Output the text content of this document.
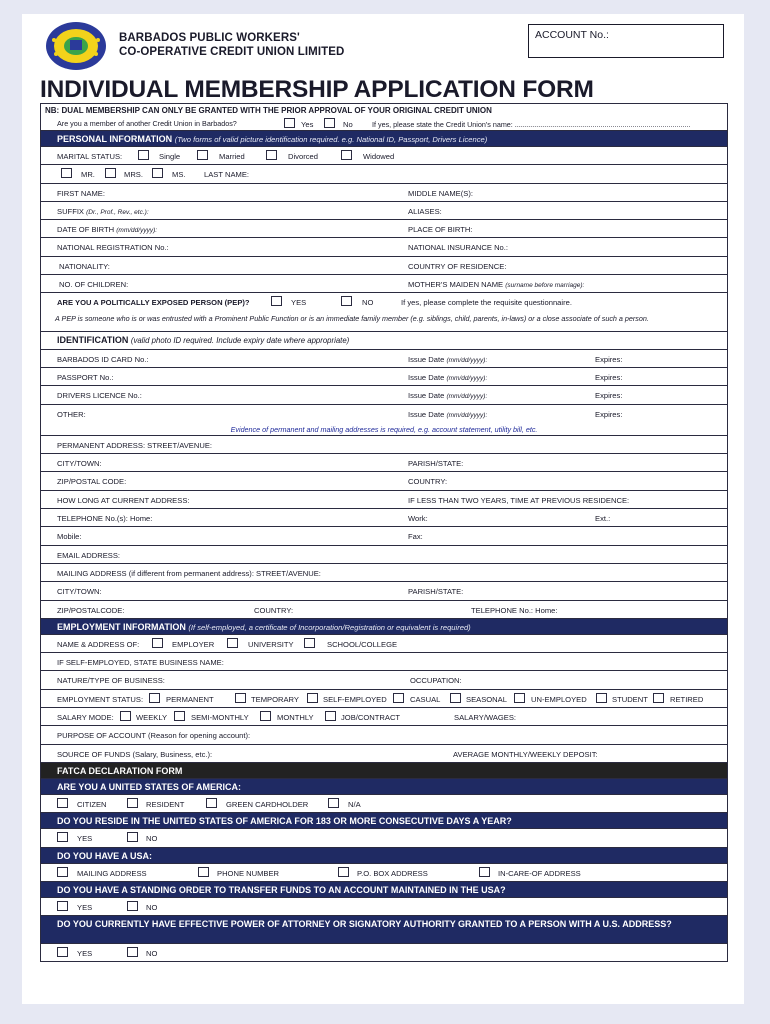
BARBADOS PUBLIC WORKERS'
CO-OPERATIVE CREDIT UNION LIMITED
ACCOUNT No.:
INDIVIDUAL MEMBERSHIP APPLICATION FORM
NB: DUAL MEMBERSHIP CAN ONLY BE GRANTED WITH THE PRIOR APPROVAL OF YOUR ORIGINAL CREDIT UNION
Are you a member of another Credit Union in Barbados?	Yes	No	If yes, please state the Credit Union's name: ........................................................................................
PERSONAL INFORMATION (Two forms of valid picture identification required. e.g. National ID, Passport, Drivers Licence)
MARITAL STATUS:	Single	Married	Divorced	Widowed
MR.	MRS.	MS. LAST NAME:
FIRST NAME:	MIDDLE NAME(S):
SUFFIX (Dr., Prof., Rev., etc.):	ALIASES:
DATE OF BIRTH (mm/dd/yyyy):	PLACE OF BIRTH:
NATIONAL REGISTRATION No.:	NATIONAL INSURANCE No.:
NATIONALITY:	COUNTRY OF RESIDENCE:
NO. OF CHILDREN:	MOTHER'S MAIDEN NAME (surname before marriage):
ARE YOU A POLITICALLY EXPOSED PERSON (PEP)?	YES	NO	If yes, please complete the requisite questionnaire.
A PEP is someone who is or was entrusted with a Prominent Public Function or is an immediate family member (e.g. siblings, child, parents, in-laws) or a close associate of such a person.
IDENTIFICATION (valid photo ID required. Include expiry date where appropriate)
BARBADOS ID CARD No.:	Issue Date (mm/dd/yyyy):	Expires:
PASSPORT No.:	Issue Date (mm/dd/yyyy):	Expires:
DRIVERS LICENCE No.:	Issue Date (mm/dd/yyyy):	Expires:
OTHER:	Issue Date (mm/dd/yyyy):	Expires:
Evidence of permanent and mailing addresses is required, e.g. account statement, utility bill, etc.
PERMANENT ADDRESS: STREET/AVENUE:
CITY/TOWN:	PARISH/STATE:
ZIP/POSTAL CODE:	COUNTRY:
HOW LONG AT CURRENT ADDRESS:	IF LESS THAN TWO YEARS, TIME AT PREVIOUS RESIDENCE:
TELEPHONE No.(s): Home:	Work:	Ext.:
Mobile:	Fax:
EMAIL ADDRESS:
MAILING ADDRESS (if different from permanent address): STREET/AVENUE:
CITY/TOWN:	PARISH/STATE:
ZIP/POSTALCODE:	COUNTRY:	TELEPHONE No.: Home:
EMPLOYMENT INFORMATION (If self-employed, a certificate of Incorporation/Registration or equivalent is required)
NAME & ADDRESS OF:	EMPLOYER	UNIVERSITY	SCHOOL/COLLEGE
IF SELF-EMPLOYED, STATE BUSINESS NAME:
NATURE/TYPE OF BUSINESS:	OCCUPATION:
EMPLOYMENT STATUS:	PERMANENT	TEMPORARY	SELF-EMPLOYED	CASUAL	SEASONAL	UN-EMPLOYED	STUDENT	RETIRED
SALARY MODE:	WEEKLY	SEMI-MONTHLY	MONTHLY	JOB/CONTRACT	SALARY/WAGES:
PURPOSE OF ACCOUNT (Reason for opening account):
SOURCE OF FUNDS (Salary, Business, etc.):	AVERAGE MONTHLY/WEEKLY DEPOSIT:
FATCA DECLARATION FORM
ARE YOU A UNITED STATES OF AMERICA:
CITIZEN	RESIDENT	GREEN CARDHOLDER	N/A
DO YOU RESIDE IN THE UNITED STATES OF AMERICA FOR 183 OR MORE CONSECUTIVE DAYS A YEAR?
YES	NO
DO YOU HAVE A USA:
MAILING ADDRESS	PHONE NUMBER	P.O. BOX ADDRESS	IN-CARE-OF ADDRESS
DO YOU HAVE A STANDING ORDER TO TRANSFER FUNDS TO AN ACCOUNT MAINTAINED IN THE USA?
YES	NO
DO YOU CURRENTLY HAVE EFFECTIVE POWER OF ATTORNEY OR SIGNATORY AUTHORITY GRANTED TO A PERSON WITH A U.S. ADDRESS?
YES	NO
